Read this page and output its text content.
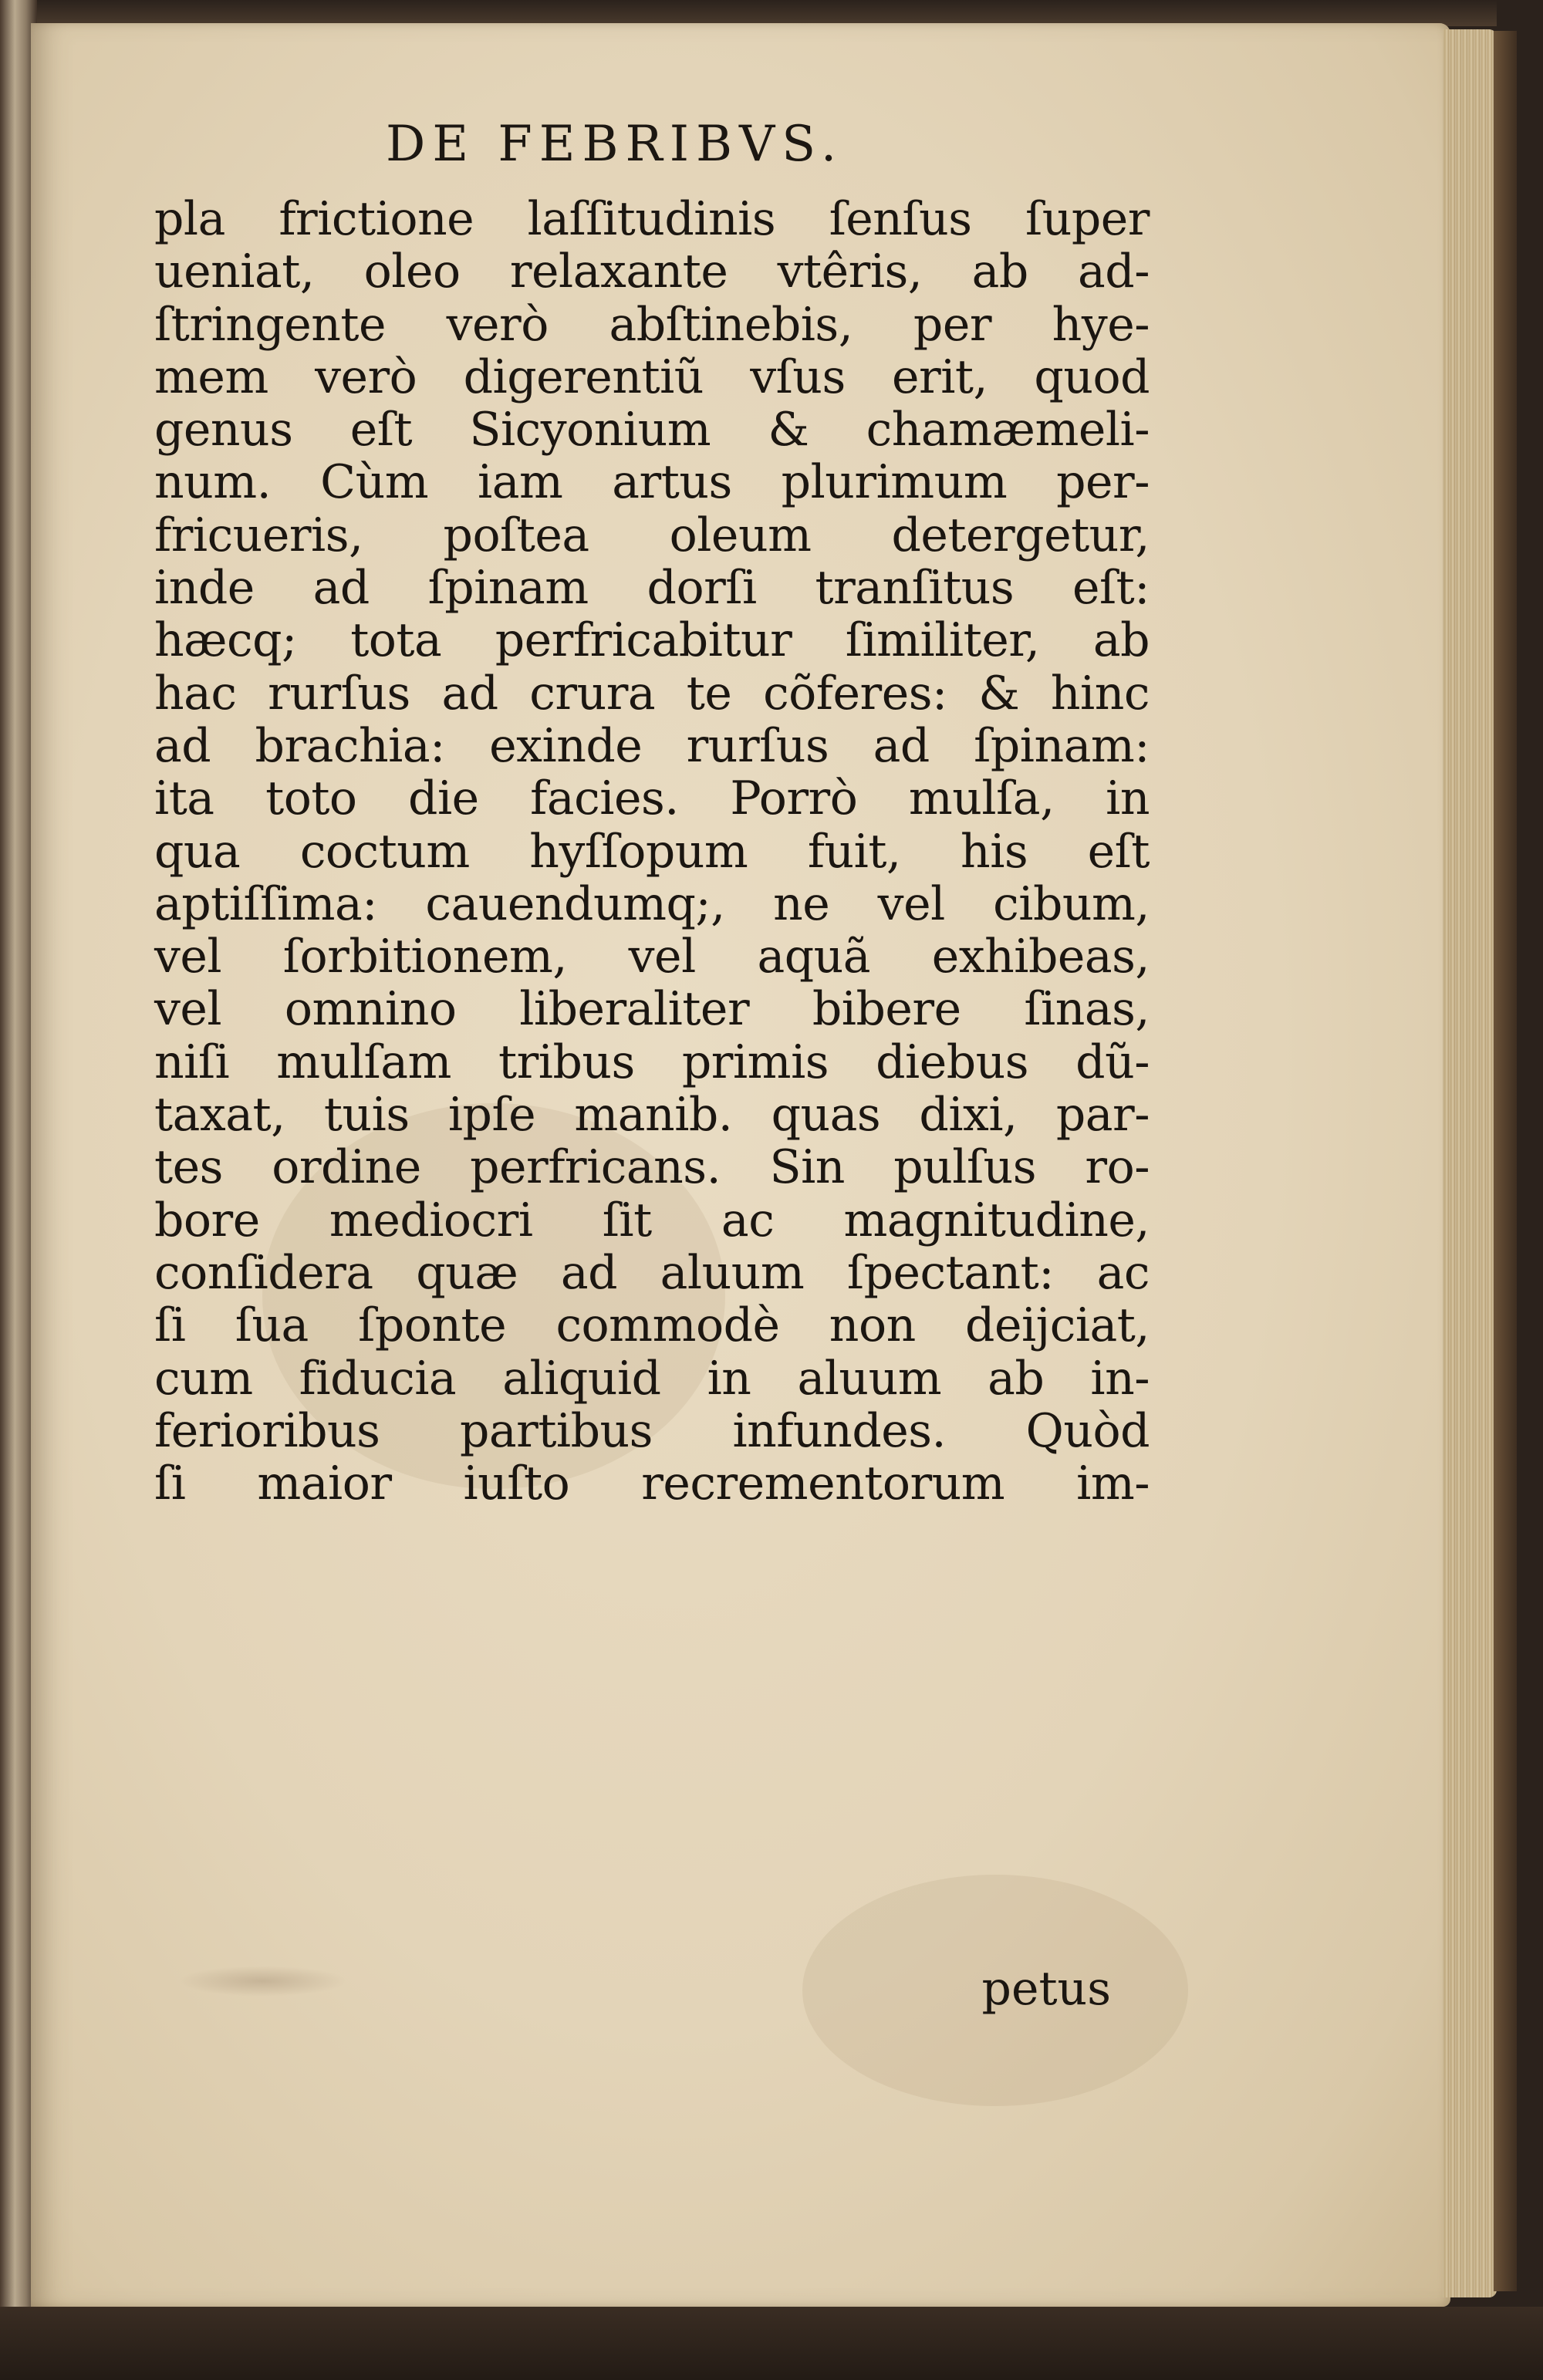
DE FEBRIBVS.
pla frictione laſſitudinis ſenſus ſuper
ueniat, oleo relaxante vtêris, ab ad-
ſtringente verò abſtinebis, per hye-
mem verò digerentiũ vſus erit, quod
genus eſt Sicyonium & chamæmeli-
num. Cùm iam artus plurimum per-
fricueris, poſtea oleum detergetur,
inde ad ſpinam dorſi tranſitus eſt:
hæcq; tota perfricabitur ſimiliter, ab
hac rurſus ad crura te cõferes: & hinc
ad brachia: exinde rurſus ad ſpinam:
ita toto die facies. Porrò mulſa, in
qua coctum hyſſopum fuit, his eſt
aptiſſima: cauendumq;, ne vel cibum,
vel ſorbitionem, vel aquã exhibeas,
vel omnino liberaliter bibere ſinas,
niſi mulſam tribus primis diebus dũ-
taxat, tuis ipſe manib. quas dixi, par-
tes ordine perfricans. Sin pulſus ro-
bore mediocri ſit ac magnitudine,
conſidera quæ ad aluum ſpectant: ac
ſi ſua ſponte commodè non deijciat,
cum fiducia aliquid in aluum ab in-
ferioribus partibus infundes. Quòd
ſi maior iuſto recrementorum im-
petus
